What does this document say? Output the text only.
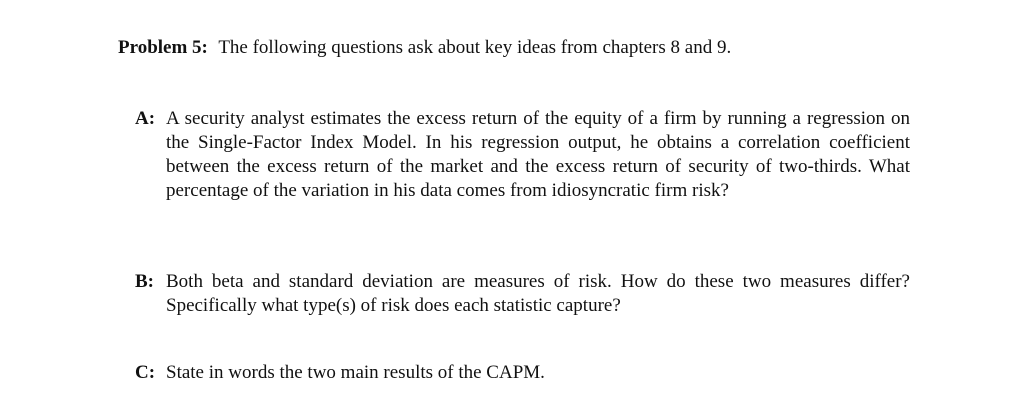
Problem 5: The following questions ask about key ideas from chapters 8 and 9.
A: A security analyst estimates the excess return of the equity of a firm by running a regression on the Single-Factor Index Model. In his regression output, he obtains a correlation coefficient between the excess return of the market and the excess return of security of two-thirds. What percentage of the variation in his data comes from idiosyncratic firm risk?
B: Both beta and standard deviation are measures of risk. How do these two measures differ? Specifically what type(s) of risk does each statistic capture?
C: State in words the two main results of the CAPM.
